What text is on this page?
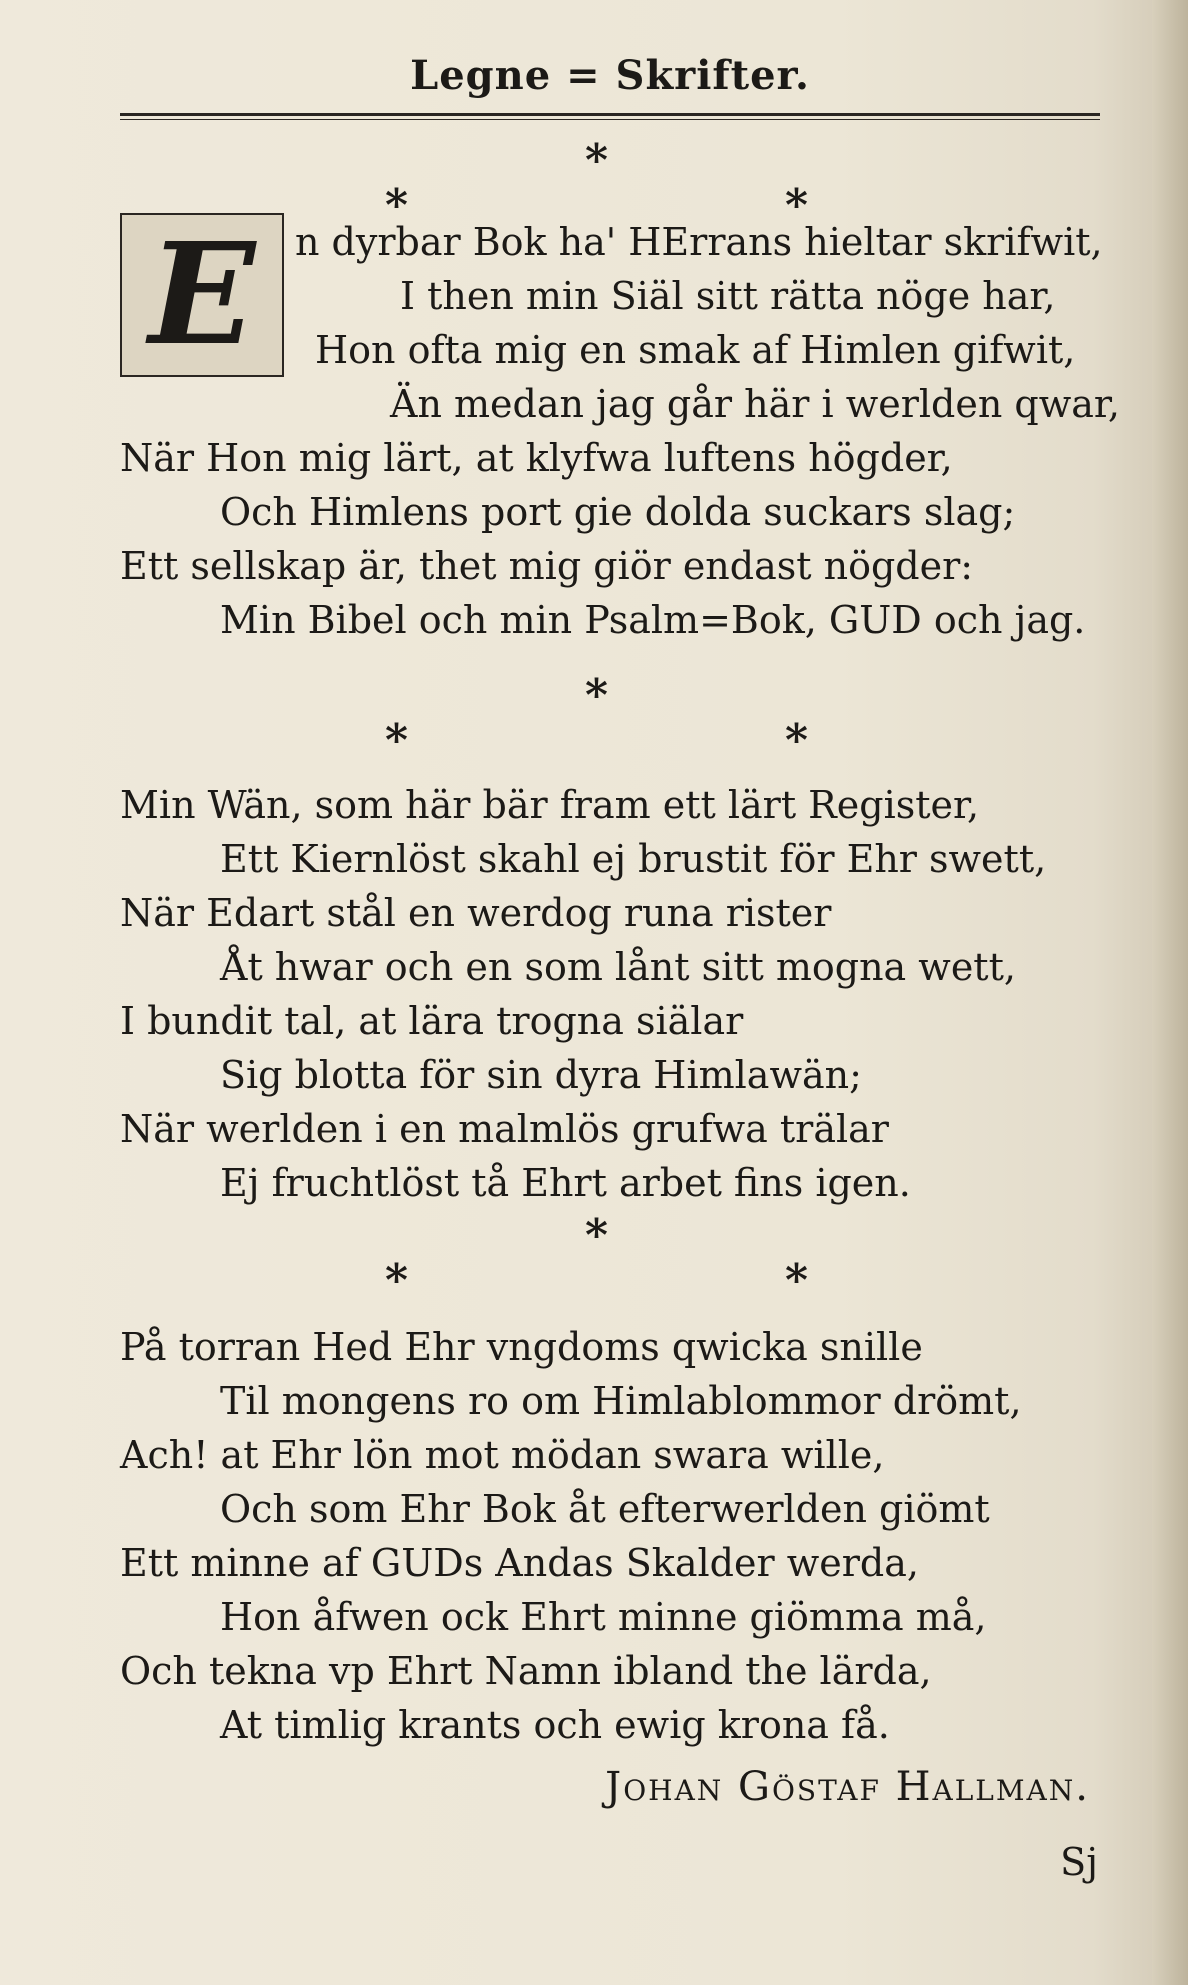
Legne = Skrifter.
*
*	*
E	n dyrbar Bok ha' HErrans hieltar skrifwit,
I then min Siäl sitt rätta nöge har,
Hon ofta mig en smak af Himlen gifwit,
Än medan jag går här i werlden qwar,
När Hon mig lärt, at klyfwa luftens högder,
Och Himlens port gie dolda suckars slag;
Ett sellskap är, thet mig giör endast nögder:
Min Bibel och min Psalm=Bok, GUD och jag.
*
*	*
Min Wän, som här bär fram ett lärt Register,
Ett Kiernlöst skahl ej brustit för Ehr swett,
När Edart stål en werdog runa rister
Åt hwar och en som lånt sitt mogna wett,
I bundit tal, at lära trogna siälar
Sig blotta för sin dyra Himlawän;
När werlden i en malmlös grufwa trälar
Ej fruchtlöst tå Ehrt arbet fins igen.
*
*	*
På torran Hed Ehr vngdoms qwicka snille
Til mongens ro om Himlablommor drömt,
Ach! at Ehr lön mot mödan swara wille,
Och som Ehr Bok åt efterwerlden giömt
Ett minne af GUDs Andas Skalder werda,
Hon åfwen ock Ehrt minne giömma må,
Och tekna vp Ehrt Namn ibland the lärda,
At timlig krants och ewig krona få.
Johan Göstaf Hallman.
Sj
